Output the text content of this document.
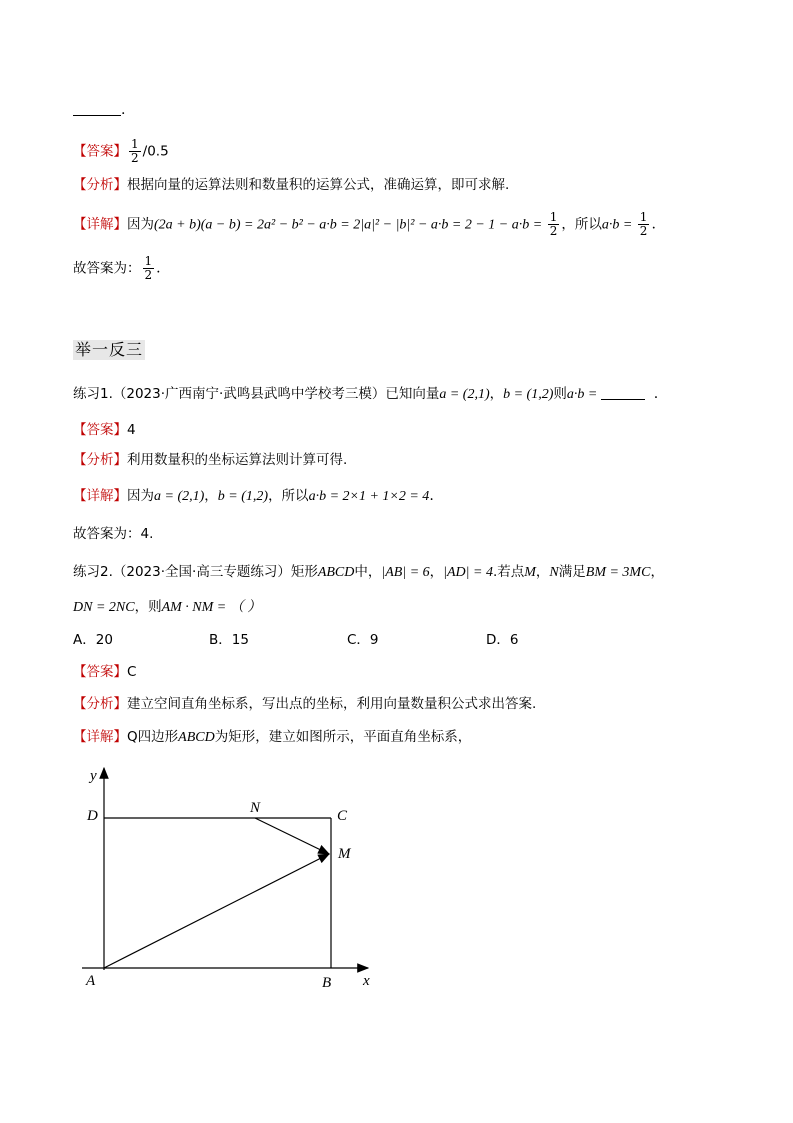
.
【答案】 $\frac{1}{2} /0.5$
【分析】根据向量的运算法则和数量积的运算公式，准确运算，即可求解.
【详解】因为$(2a + b)(a - b) = 2a^2 - b^2 - a\cdot b = 2|a|^2 - |b|^2 - a\cdot b = 2 - 1 - a\cdot b = \frac{1}{2}$ ，所以$a\cdot b = \frac{1}{2}$ .
故答案为： $\frac{1}{2}$ .
举一反三
练习1.（2023·广西南宁·武鸣县武鸣中学校考三模）已知向量a = (2,1)，b = (1,2)则a·b =	.
【答案】4
【分析】利用数量积的坐标运算法则计算可得.
【详解】因为a = (2,1)，b = (1,2)，所以a·b = 2×1 + 1×2 = 4.
故答案为：4.
练习2.（2023·全国·高三专题练习）矩形ABCD中，|AB| = 6，|AD| = 4.若点M，N满足BM = 3MC，
DN = 2NC，则AM · NM = （ ）
A．20	B．15	C．9	D．6
【答案】C
【分析】建立空间直角坐标系，写出点的坐标，利用向量数量积公式求出答案.
【详解】Q四边形ABCD为矩形，建立如图所示，平面直角坐标系，
y
x
A	B
C
D
M
N
